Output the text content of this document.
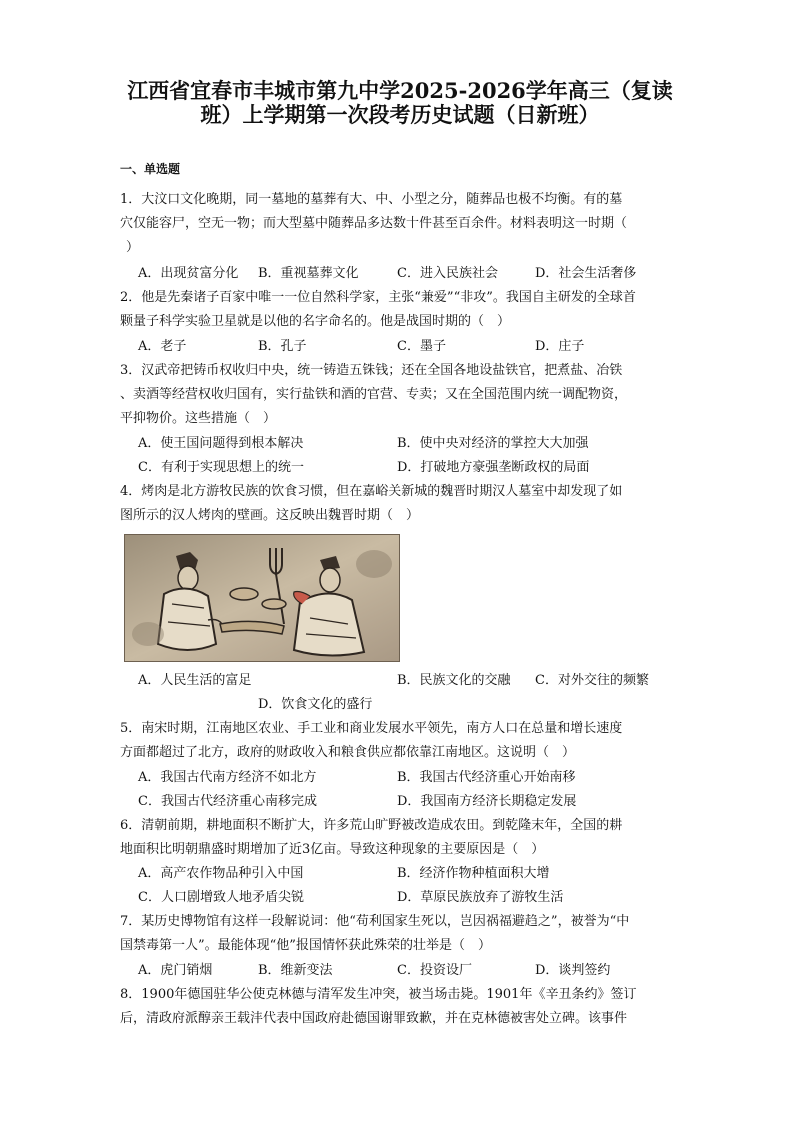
江西省宜春市丰城市第九中学2025-2026学年高三（复读
班）上学期第一次段考历史试题（日新班）
一、单选题
1．大汶口文化晚期，同一墓地的墓葬有大、中、小型之分，随葬品也极不均衡。有的墓
穴仅能容尸，空无一物；而大型墓中随葬品多达数十件甚至百余件。材料表明这一时期（
）
A．出现贫富分化 B．重视墓葬文化	C．进入民族社会	D．社会生活奢侈
2．他是先秦诸子百家中唯一一位自然科学家，主张“兼爱”“非攻”。我国自主研发的全球首
颗量子科学实验卫星就是以他的名字命名的。他是战国时期的（　）
A．老子	B．孔子	C．墨子	D．庄子
3．汉武帝把铸币权收归中央，统一铸造五铢钱；还在全国各地设盐铁官，把煮盐、冶铁
、卖酒等经营权收归国有，实行盐铁和酒的官营、专卖；又在全国范围内统一调配物资，
平抑物价。这些措施（　）
A．使王国问题得到根本解决	B．使中央对经济的掌控大大加强
C．有利于实现思想上的统一	D．打破地方豪强垄断政权的局面
4．烤肉是北方游牧民族的饮食习惯，但在嘉峪关新城的魏晋时期汉人墓室中却发现了如
图所示的汉人烤肉的壁画。这反映出魏晋时期（　）
A．人民生活的富足	B．民族文化的交融 C．对外交往的频繁
D．饮食文化的盛行
5．南宋时期，江南地区农业、手工业和商业发展水平领先，南方人口在总量和增长速度
方面都超过了北方，政府的财政收入和粮食供应都依靠江南地区。这说明（　）
A．我国古代南方经济不如北方	B．我国古代经济重心开始南移
C．我国古代经济重心南移完成	D．我国南方经济长期稳定发展
6．清朝前期，耕地面积不断扩大，许多荒山旷野被改造成农田。到乾隆末年，全国的耕
地面积比明朝鼎盛时期增加了近3亿亩。导致这种现象的主要原因是（　）
A．高产农作物品种引入中国	B．经济作物种植面积大增
C．人口剧增致人地矛盾尖锐	D．草原民族放弃了游牧生活
7．某历史博物馆有这样一段解说词：他“苟利国家生死以，岂因祸福避趋之”，被誉为“中
国禁毒第一人”。最能体现“他”报国情怀获此殊荣的壮举是（　）
A．虎门销烟	B．维新变法	C．投资设厂	D．谈判签约
8．1900年德国驻华公使克林德与清军发生冲突，被当场击毙。1901年《辛丑条约》签订
后，清政府派醇亲王载沣代表中国政府赴德国谢罪致歉，并在克林德被害处立碑。该事件
